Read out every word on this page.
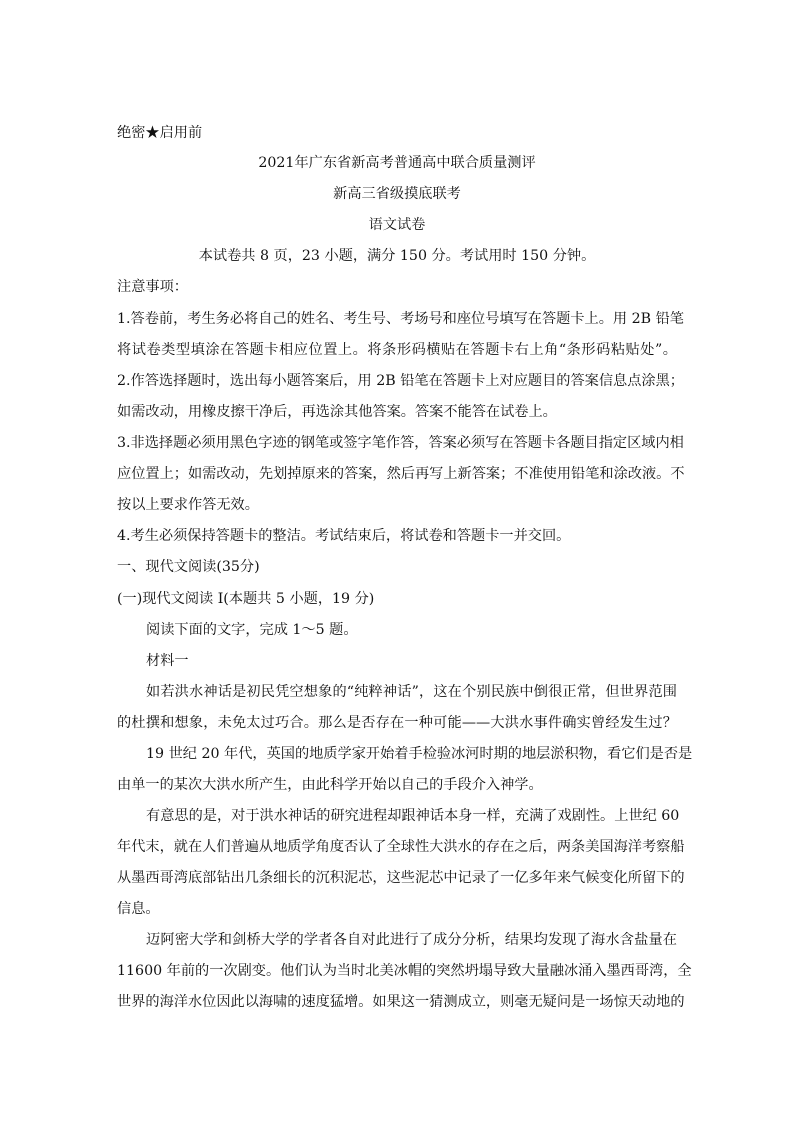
绝密★启用前
2021年广东省新高考普通高中联合质量测评
新高三省级摸底联考
语文试卷
本试卷共 8 页，23 小题，满分 150 分。考试用时 150 分钟。
注意事项：
1.答卷前，考生务必将自己的姓名、考生号、考场号和座位号填写在答题卡上。用 2B 铅笔
将试卷类型填涂在答题卡相应位置上。将条形码横贴在答题卡右上角“条形码粘贴处”。
2.作答选择题时，选出每小题答案后，用 2B 铅笔在答题卡上对应题目的答案信息点涂黑；
如需改动，用橡皮擦干净后，再选涂其他答案。答案不能答在试卷上。
3.非选择题必须用黑色字迹的钢笔或签字笔作答，答案必须写在答题卡各题目指定区域内相
应位置上；如需改动，先划掉原来的答案，然后再写上新答案；不准使用铅笔和涂改液。不
按以上要求作答无效。
4.考生必须保持答题卡的整洁。考试结束后，将试卷和答题卡一并交回。
一、现代文阅读(35分)
(一)现代文阅读 I(本题共 5 小题，19 分)
阅读下面的文字，完成 1～5 题。
材料一
如若洪水神话是初民凭空想象的“纯粹神话”，这在个别民族中倒很正常，但世界范围
的杜撰和想象，未免太过巧合。那么是否存在一种可能——大洪水事件确实曾经发生过？
19 世纪 20 年代，英国的地质学家开始着手检验冰河时期的地层淤积物，看它们是否是
由单一的某次大洪水所产生，由此科学开始以自己的手段介入神学。
有意思的是，对于洪水神话的研究进程却跟神话本身一样，充满了戏剧性。上世纪 60
年代末，就在人们普遍从地质学角度否认了全球性大洪水的存在之后，两条美国海洋考察船
从墨西哥湾底部钻出几条细长的沉积泥芯，这些泥芯中记录了一亿多年来气候变化所留下的
信息。
迈阿密大学和剑桥大学的学者各自对此进行了成分分析，结果均发现了海水含盐量在
11600 年前的一次剧变。他们认为当时北美冰帽的突然坍塌导致大量融冰涌入墨西哥湾，全
世界的海洋水位因此以海啸的速度猛增。如果这一猜测成立，则毫无疑问是一场惊天动地的
